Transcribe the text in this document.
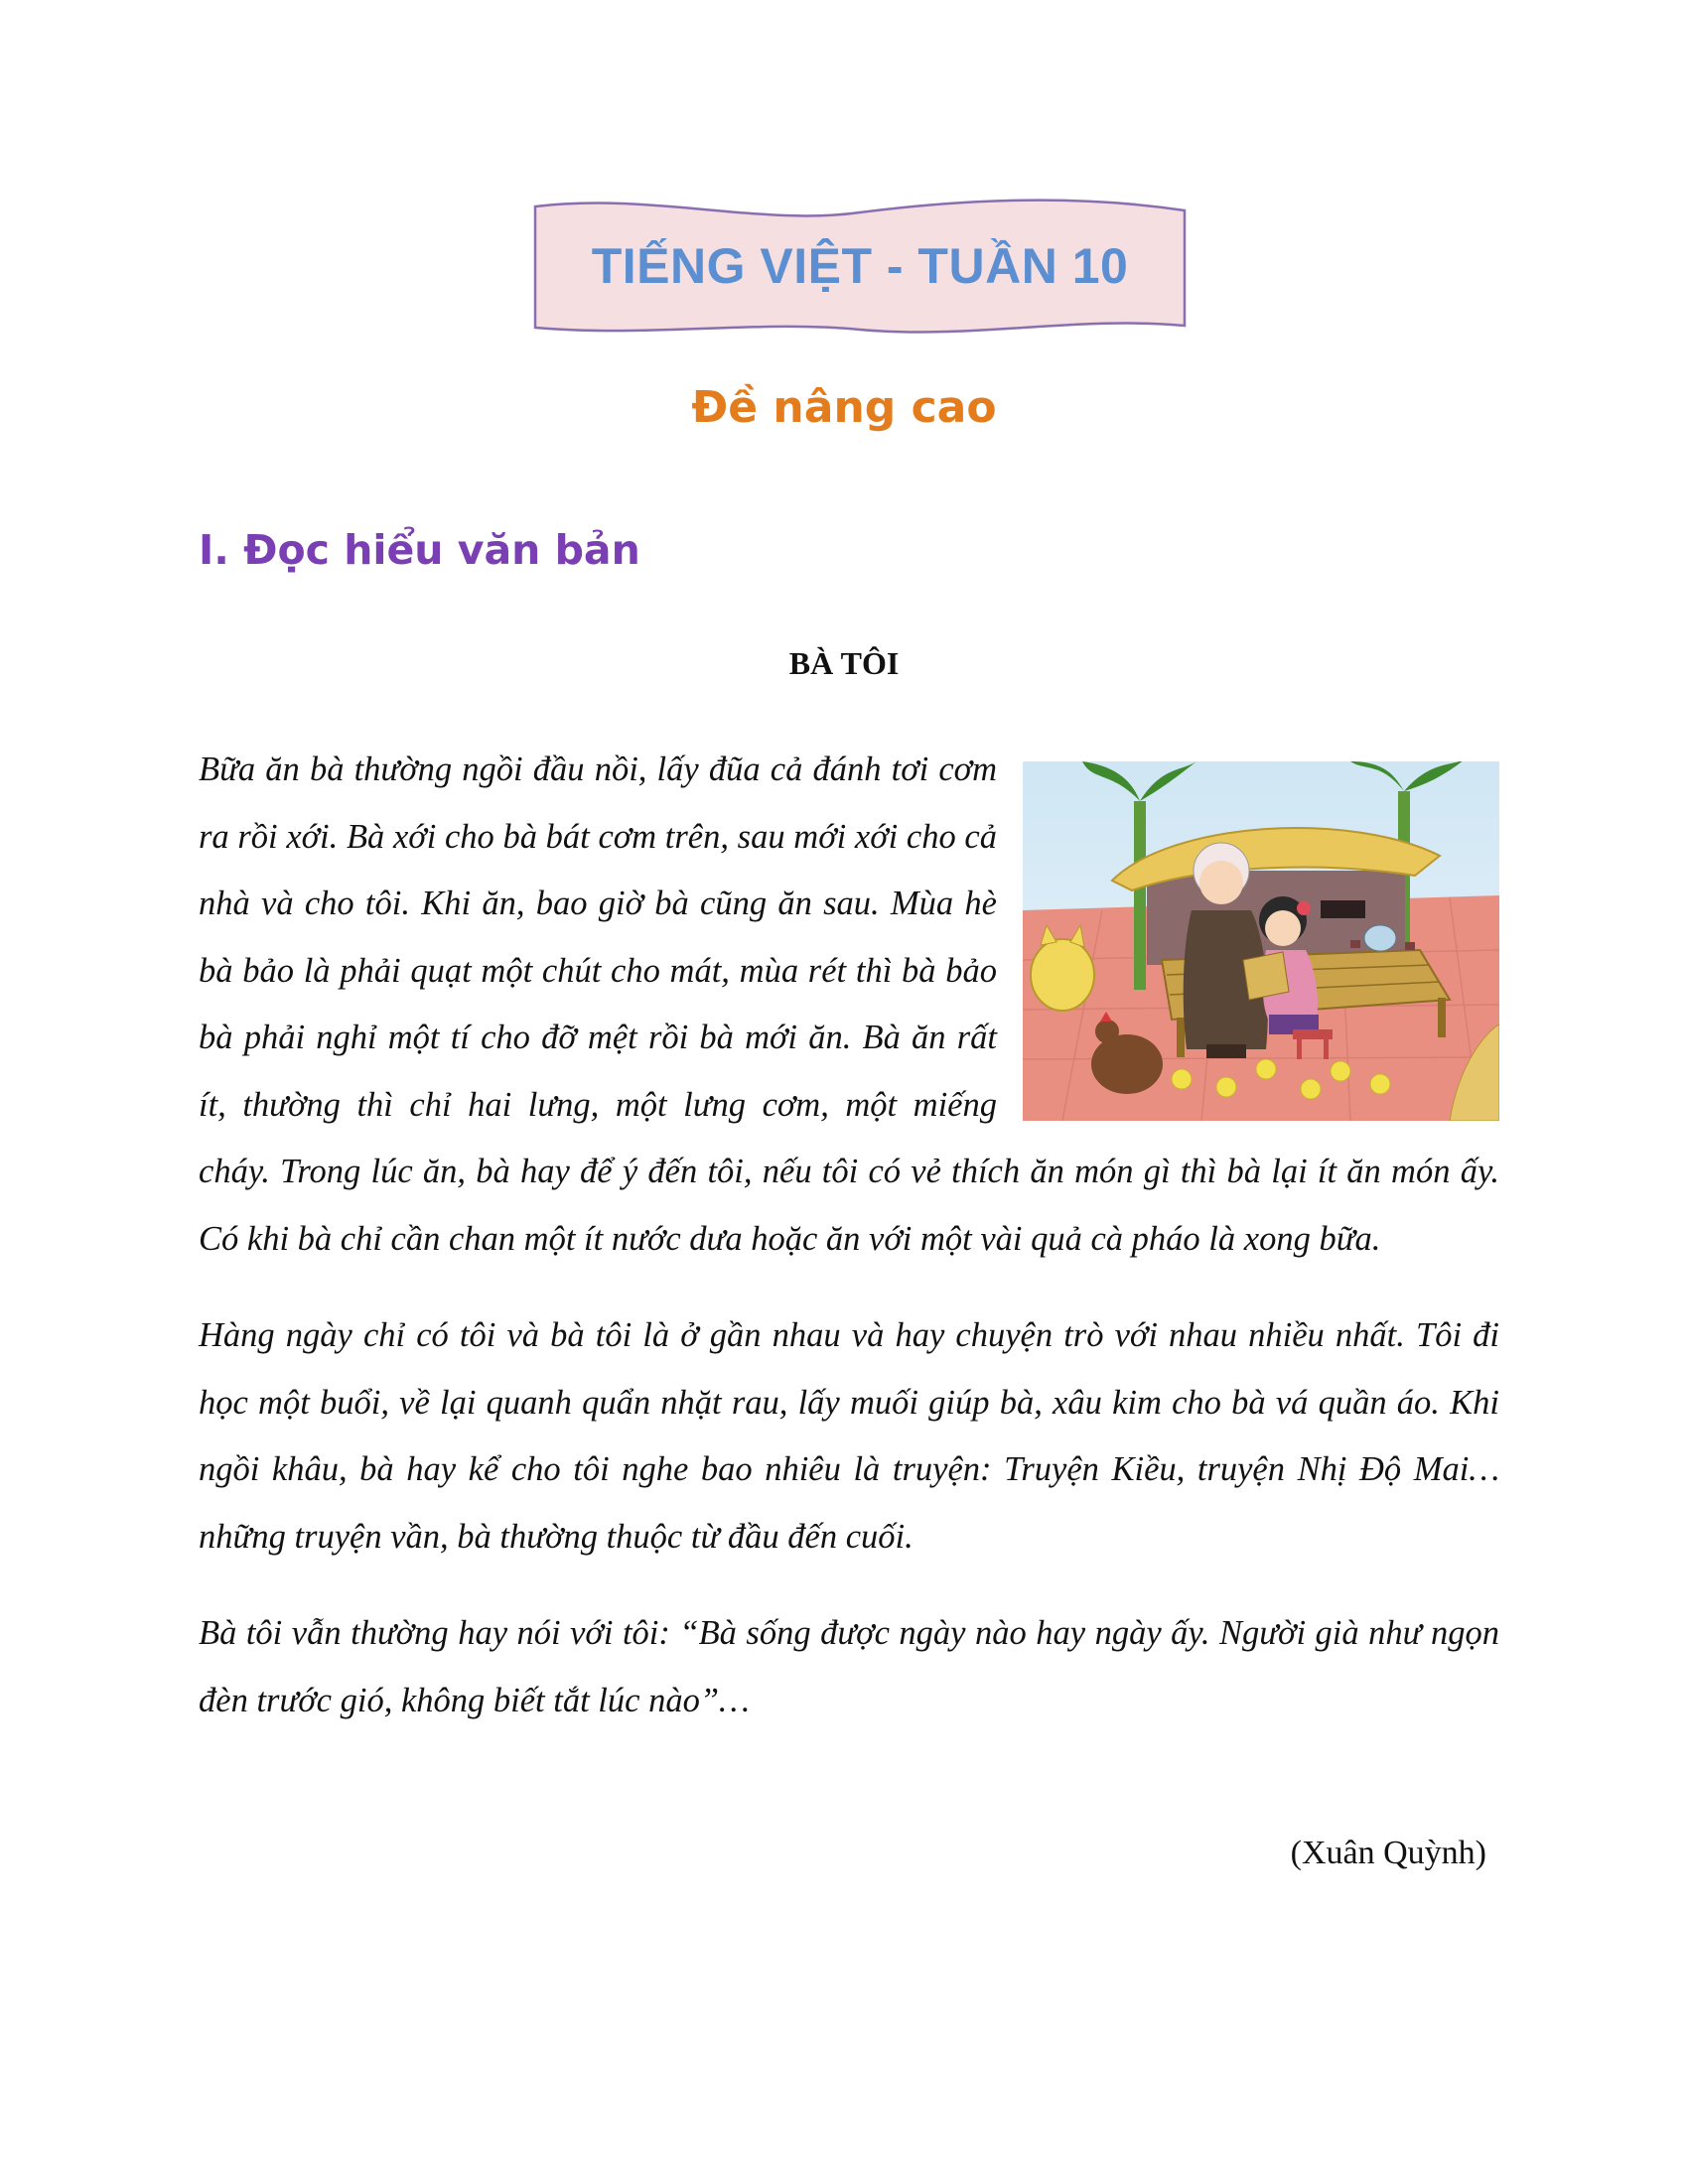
TIẾNG VIỆT - TUẦN 10
Đề nâng cao
I. Đọc hiểu văn bản
BÀ TÔI

Bữa ăn bà thường ngồi đầu nồi, lấy đũa cả đánh tơi cơm ra rồi xới. Bà xới cho bà bát cơm trên, sau mới xới cho cả nhà và cho tôi. Khi ăn, bao giờ bà cũng ăn sau. Mùa hè bà bảo là phải quạt một chút cho mát, mùa rét thì bà bảo bà phải nghỉ một tí cho đỡ mệt rồi bà mới ăn. Bà ăn rất ít, thường thì chỉ hai lưng, một lưng cơm, một miếng cháy. Trong lúc ăn, bà hay để ý đến tôi, nếu tôi có vẻ thích ăn món gì thì bà lại ít ăn món ấy. Có khi bà chỉ cần chan một ít nước dưa hoặc ăn với một vài quả cà pháo là xong bữa.

Hàng ngày chỉ có tôi và bà tôi là ở gần nhau và hay chuyện trò với nhau nhiều nhất. Tôi đi học một buổi, về lại quanh quẩn nhặt rau, lấy muối giúp bà, xâu kim cho bà vá quần áo. Khi ngồi khâu, bà hay kể cho tôi nghe bao nhiêu là truyện: Truyện Kiều, truyện Nhị Độ Mai… những truyện vần, bà thường thuộc từ đầu đến cuối.

Bà tôi vẫn thường hay nói với tôi: “Bà sống được ngày nào hay ngày ấy. Người già như ngọn đèn trước gió, không biết tắt lúc nào”…

(Xuân Quỳnh)
